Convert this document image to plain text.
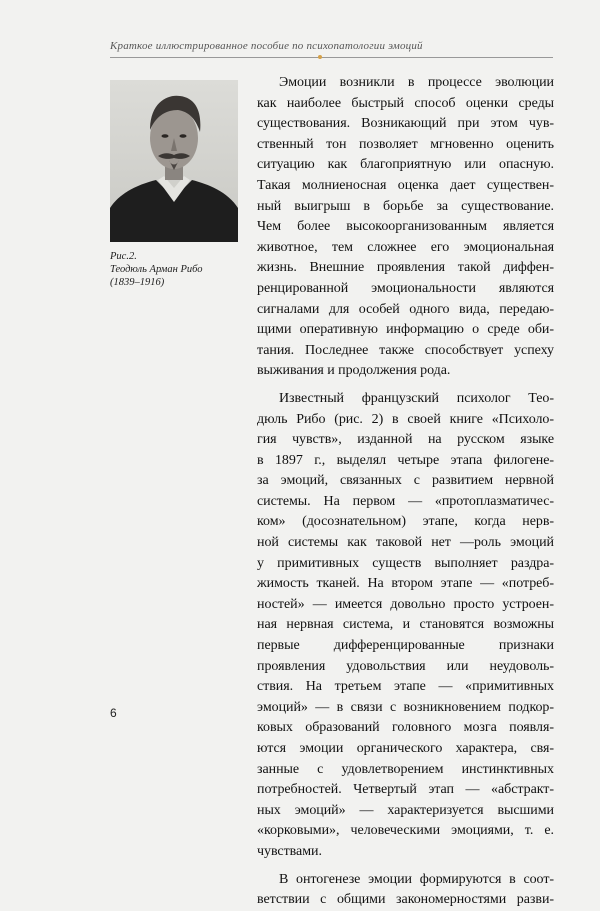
Краткое иллюстрированное пособие по психопатологии эмоций
Рис.2.
Теодюль Арман Рибо
(1839–1916)

Эмоции возникли в процессе эволюции
как наиболее быстрый способ оценки среды
существования. Возникающий при этом чув-
ственный тон позволяет мгновенно оценить
ситуацию как благоприятную или опасную.
Такая молниеносная оценка дает существен-
ный выигрыш в борьбе за существование.
Чем более высокоорганизованным является
животное, тем сложнее его эмоциональная
жизнь. Внешние проявления такой диффен-
ренцированной эмоциональности являются
сигналами для особей одного вида, передаю-
щими оперативную информацию о среде оби-
тания. Последнее также способствует успеху
выживания и продолжения рода.

Известный французский психолог Тео-
дюль Рибо (рис. 2) в своей книге «Психоло-
гия чувств», изданной на русском языке
в 1897 г., выделял четыре этапа филогене-
за эмоций, связанных с развитием нервной
системы. На первом — «протоплазматичес-
ком» (досознательном) этапе, когда нерв-
ной системы как таковой нет —роль эмоций
у примитивных существ выполняет раздра-
жимость тканей. На втором этапе — «потреб-
ностей» — имеется довольно просто устроен-
ная нервная система, и становятся возможны
первые дифференцированные признаки
проявления удовольствия или неудоволь-
ствия. На третьем этапе — «примитивных
эмоций» — в связи с возникновением подкор-
ковых образований головного мозга появля-
ются эмоции органического характера, свя-
занные с удовлетворением инстинктивных
потребностей. Четвертый этап — «абстракт-
ных эмоций» — характеризуется высшими
«корковыми», человеческими эмоциями, т. е.
чувствами.

В онтогенезе эмоции формируются в соот-
ветствии с общими закономерностями разви-

6
